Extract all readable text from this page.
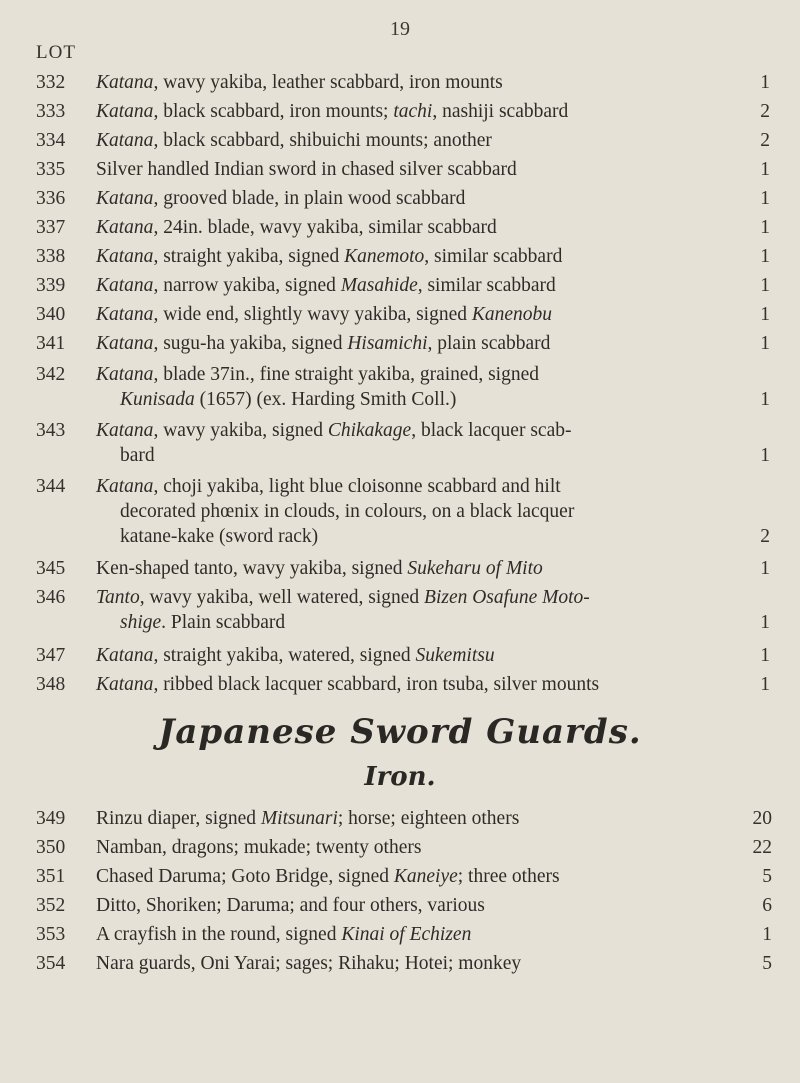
19
LOT
332	Katana, wavy yakiba, leather scabbard, iron mounts	1
333	Katana, black scabbard, iron mounts; tachi, nashiji scabbard	2
334	Katana, black scabbard, shibuichi mounts; another	2
335	Silver handled Indian sword in chased silver scabbard	1
336	Katana, grooved blade, in plain wood scabbard	1
337	Katana, 24in. blade, wavy yakiba, similar scabbard	1
338	Katana, straight yakiba, signed Kanemoto, similar scabbard	1
339	Katana, narrow yakiba, signed Masahide, similar scabbard	1
340	Katana, wide end, slightly wavy yakiba, signed Kanenobu	1
341	Katana, sugu-ha yakiba, signed Hisamichi, plain scabbard	1
342	Katana, blade 37in., fine straight yakiba, grained, signed
Kunisada (1657) (ex. Harding Smith Coll.)	1
343	Katana, wavy yakiba, signed Chikakage, black lacquer scab-
bard	1
344	Katana, choji yakiba, light blue cloisonne scabbard and hilt
decorated phœnix in clouds, in colours, on a black lacquer
katane-kake (sword rack)	2
345	Ken-shaped tanto, wavy yakiba, signed Sukeharu of Mito	1
346	Tanto, wavy yakiba, well watered, signed Bizen Osafune Moto-
shige. Plain scabbard	1
347	Katana, straight yakiba, watered, signed Sukemitsu	1
348	Katana, ribbed black lacquer scabbard, iron tsuba, silver mounts	1
Japanese Sword Guards.
Iron.
349	Rinzu diaper, signed Mitsunari; horse; eighteen others	20
350	Namban, dragons; mukade; twenty others	22
351	Chased Daruma; Goto Bridge, signed Kaneiye; three others	5
352	Ditto, Shoriken; Daruma; and four others, various	6
353	A crayfish in the round, signed Kinai of Echizen	1
354	Nara guards, Oni Yarai; sages; Rihaku; Hotei; monkey	5
